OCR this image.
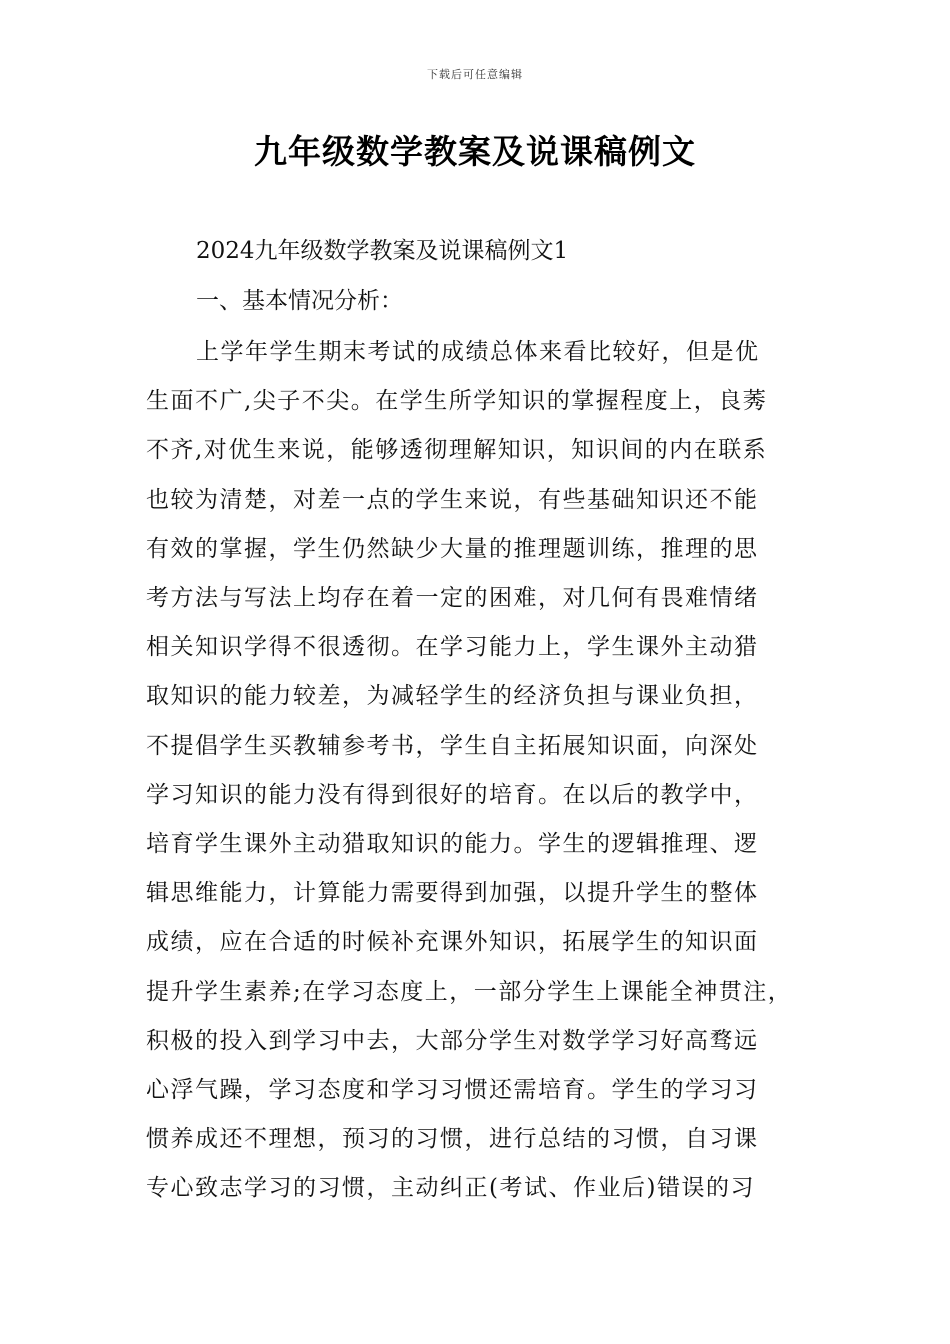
下载后可任意编辑
九年级数学教案及说课稿例文
2024九年级数学教案及说课稿例文1
一、基本情况分析：
上学年学生期末考试的成绩总体来看比较好，但是优
生面不广,尖子不尖。在学生所学知识的掌握程度上，良莠
不齐,对优生来说，能够透彻理解知识，知识间的内在联系
也较为清楚，对差一点的学生来说，有些基础知识还不能
有效的掌握，学生仍然缺少大量的推理题训练，推理的思
考方法与写法上均存在着一定的困难，对几何有畏难情绪
相关知识学得不很透彻。在学习能力上，学生课外主动猎
取知识的能力较差，为减轻学生的经济负担与课业负担，
不提倡学生买教辅参考书，学生自主拓展知识面，向深处
学习知识的能力没有得到很好的培育。在以后的教学中，
培育学生课外主动猎取知识的能力。学生的逻辑推理、逻
辑思维能力，计算能力需要得到加强，以提升学生的整体
成绩，应在合适的时候补充课外知识，拓展学生的知识面
提升学生素养;在学习态度上，一部分学生上课能全神贯注，
积极的投入到学习中去，大部分学生对数学学习好高骛远
心浮气躁，学习态度和学习习惯还需培育。学生的学习习
惯养成还不理想，预习的习惯，进行总结的习惯，自习课
专心致志学习的习惯，主动纠正(考试、作业后)错误的习
